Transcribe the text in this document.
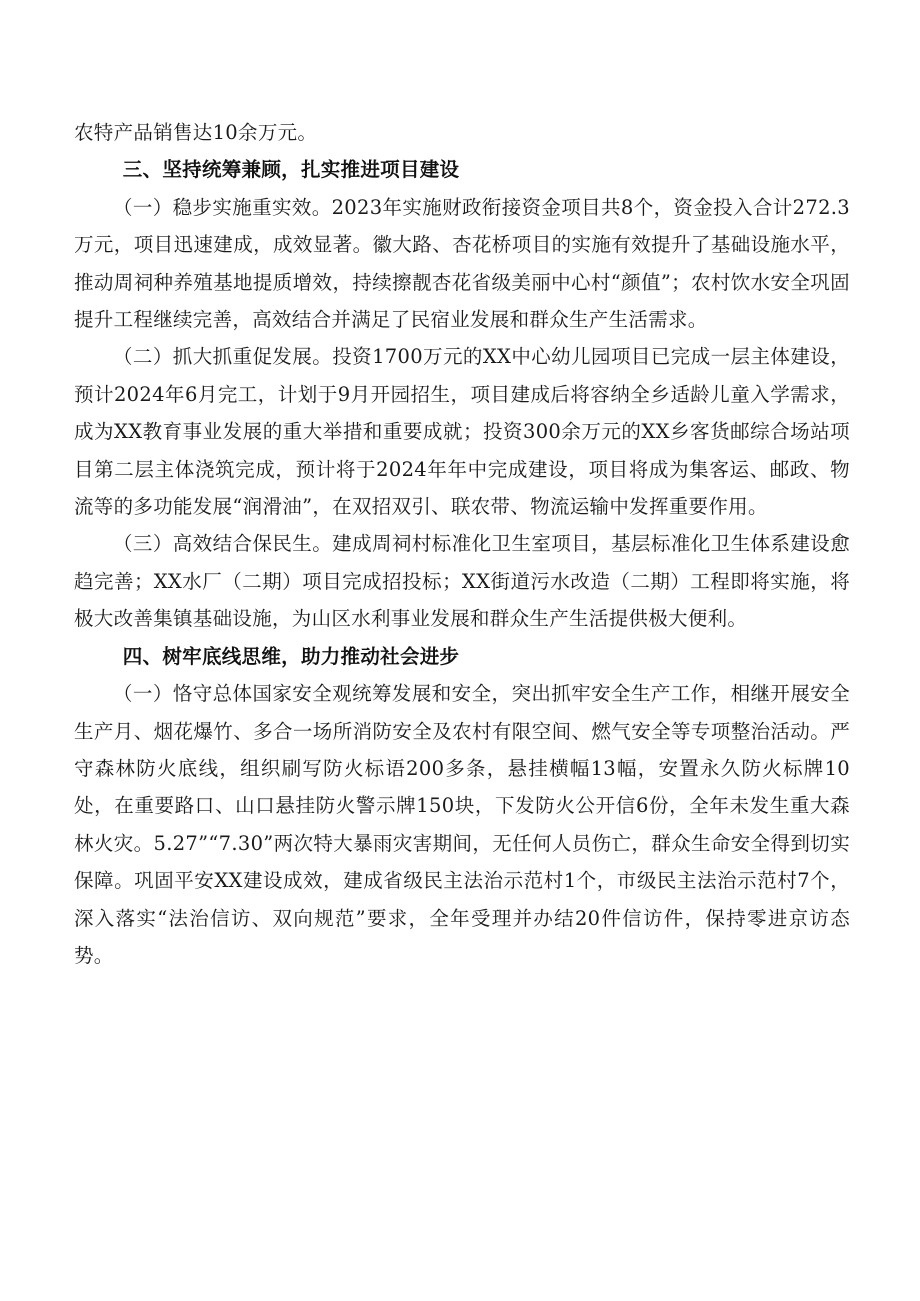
农特产品销售达10余万元。

三、坚持统筹兼顾，扎实推进项目建设

（一）稳步实施重实效。2023年实施财政衔接资金项目共8个，资金投入合计272.3万元，项目迅速建成，成效显著。徽大路、杏花桥项目的实施有效提升了基础设施水平，推动周祠种养殖基地提质增效，持续擦靓杏花省级美丽中心村“颜值”；农村饮水安全巩固提升工程继续完善，高效结合并满足了民宿业发展和群众生产生活需求。

（二）抓大抓重促发展。投资1700万元的XX中心幼儿园项目已完成一层主体建设，预计2024年6月完工，计划于9月开园招生，项目建成后将容纳全乡适龄儿童入学需求，成为XX教育事业发展的重大举措和重要成就；投资300余万元的XX乡客货邮综合场站项目第二层主体浇筑完成，预计将于2024年年中完成建设，项目将成为集客运、邮政、物流等的多功能发展“润滑油”，在双招双引、联农带、物流运输中发挥重要作用。

（三）高效结合保民生。建成周祠村标准化卫生室项目，基层标准化卫生体系建设愈趋完善；XX水厂（二期）项目完成招投标；XX街道污水改造（二期）工程即将实施，将极大改善集镇基础设施，为山区水利事业发展和群众生产生活提供极大便利。

四、树牢底线思维，助力推动社会进步

（一）恪守总体国家安全观统筹发展和安全，突出抓牢安全生产工作，相继开展安全生产月、烟花爆竹、多合一场所消防安全及农村有限空间、燃气安全等专项整治活动。严守森林防火底线，组织刷写防火标语200多条，悬挂横幅13幅，安置永久防火标牌10处，在重要路口、山口悬挂防火警示牌150块，下发防火公开信6份，全年未发生重大森林火灾。5.27”“7.30”两次特大暴雨灾害期间，无任何人员伤亡，群众生命安全得到切实保障。巩固平安XX建设成效，建成省级民主法治示范村1个，市级民主法治示范村7个，深入落实“法治信访、双向规范”要求，全年受理并办结20件信访件，保持零进京访态势。
